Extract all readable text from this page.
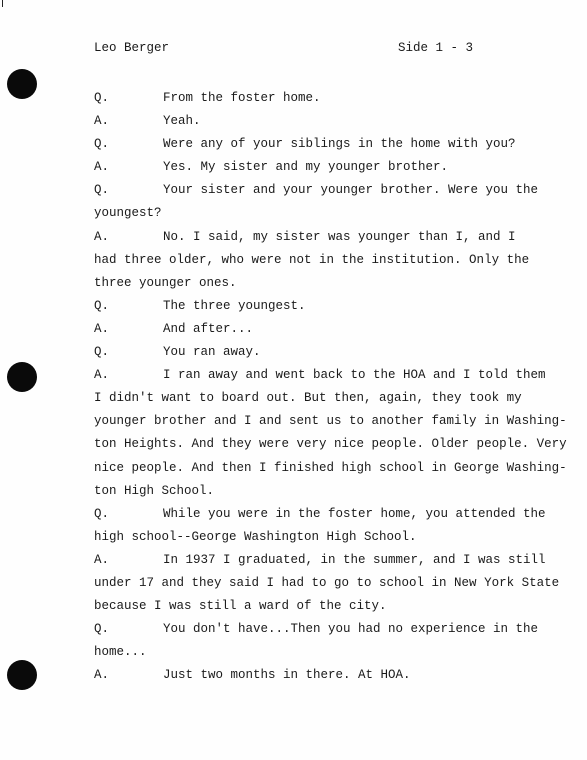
Leo Berger	Side 1 - 3
Q.	From the foster home.
A.	Yeah.
Q.	Were any of your siblings in the home with you?
A.	Yes. My sister and my younger brother.
Q.	Your sister and your younger brother. Were you the
youngest?
A.	No. I said, my sister was younger than I, and I
had three older, who were not in the institution. Only the
three younger ones.
Q.	The three youngest.
A.	And after...
Q.	You ran away.
A.	I ran away and went back to the HOA and I told them
I didn't want to board out. But then, again, they took my
younger brother and I and sent us to another family in Washing-
ton Heights. And they were very nice people. Older people. Very
nice people. And then I finished high school in George Washing-
ton High School.
Q.	While you were in the foster home, you attended the
high school--George Washington High School.
A.	In 1937 I graduated, in the summer, and I was still
under 17 and they said I had to go to school in New York State
because I was still a ward of the city.
Q.	You don't have...Then you had no experience in the
home...
A.	Just two months in there. At HOA.
